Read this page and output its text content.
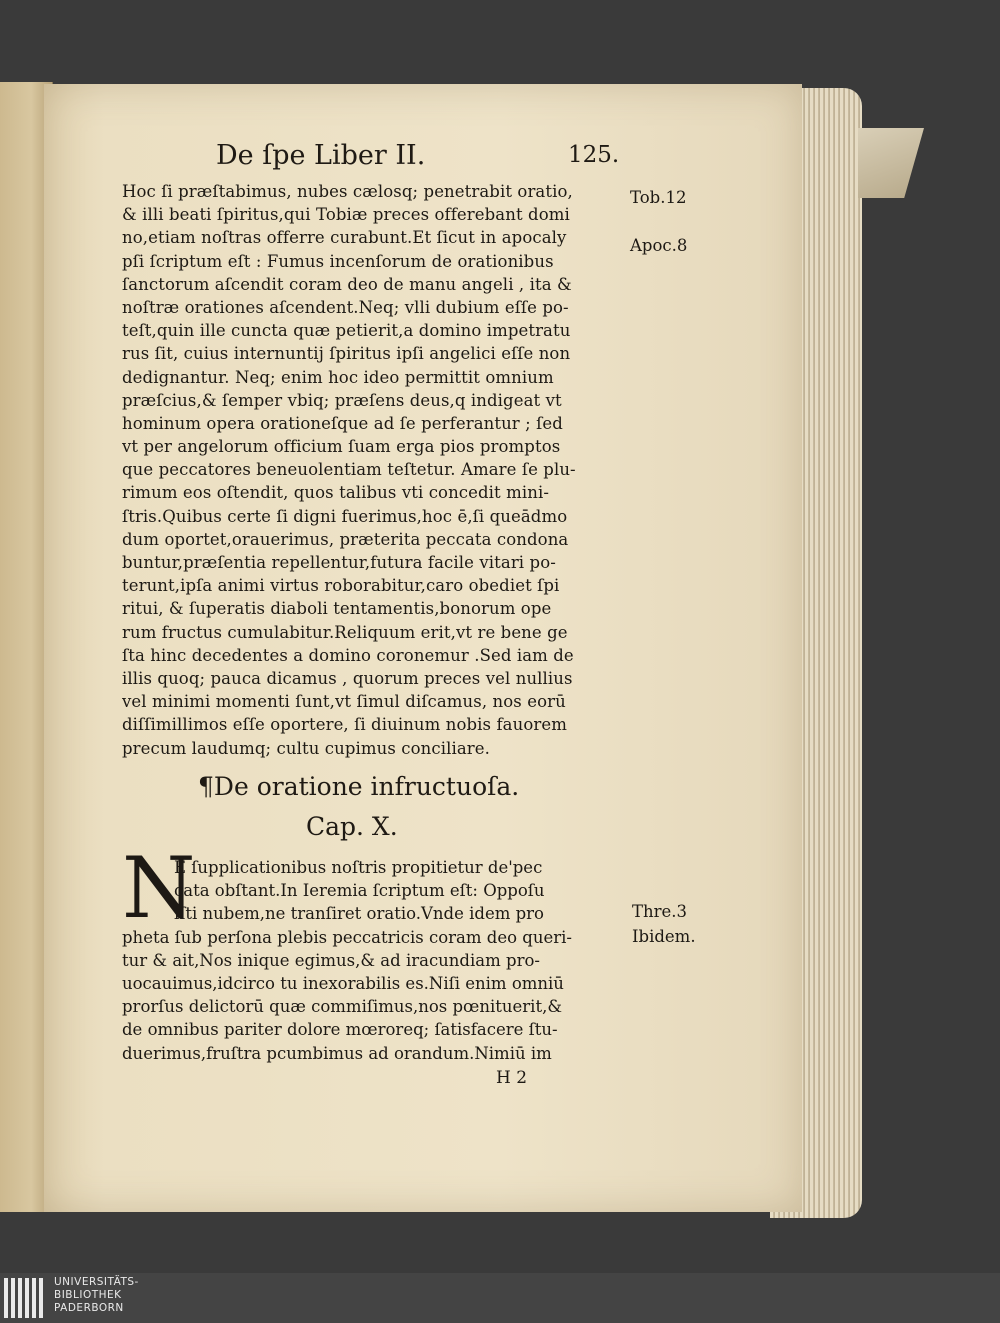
De ſpe Liber II.	125.
Hoc ſi præſtabimus, nubes cælosq; penetrabit oratio,
& illi beati ſpiritus,qui Tobiæ preces offerebant domi
no,etiam noſtras offerre curabunt.Et ſicut in apocaly
pſi ſcriptum eſt : Fumus incenſorum de orationibus
ſanctorum aſcendit coram deo de manu angeli , ita &
noſtræ orationes aſcendent.Neq; vlli dubium eſſe po-
teſt,quin ille cuncta quæ petierit,a domino impetratu
rus ſit, cuius internuntij ſpiritus ipſi angelici eſſe non
dedignantur. Neq; enim hoc ideo permittit omnium
præſcius,& ſemper vbiq; præſens deus,q indigeat vt
hominum opera orationeſque ad ſe perferantur ; ſed
vt per angelorum officium ſuam erga pios promptos
que peccatores beneuolentiam teſtetur. Amare ſe plu-
rimum eos oſtendit, quos talibus vti concedit mini-
ſtris.Quibus certe ſi digni fuerimus,hoc ē,ſi queādmo
dum oportet,orauerimus, præterita peccata condona
buntur,præſentia repellentur,futura facile vitari po-
terunt,ipſa animi virtus roborabitur,caro obediet ſpi
ritui, & ſuperatis diaboli tentamentis,bonorum ope
rum fructus cumulabitur.Reliquum erit,vt re bene ge
ſta hinc decedentes a domino coronemur .Sed iam de
illis quoq; pauca dicamus , quorum preces vel nullius
vel minimi momenti ſunt,vt ſimul diſcamus, nos eorū
diſſimillimos eſſe oportere, ſi diuinum nobis fauorem
precum laudumq; cultu cupimus conciliare.
Tob.12
Apoc.8
¶De oratione infructuoſa.
Cap. X.
N
E ſupplicationibus noſtris propitietur de'pec
cata obſtant.In Ieremia ſcriptum eſt: Oppoſu
iſti nubem,ne tranſiret oratio.Vnde idem pro
pheta ſub perſona plebis peccatricis coram deo queri-
tur & ait,Nos inique egimus,& ad iracundiam pro-
uocauimus,idcirco tu inexorabilis es.Niſi enim omniū
prorſus delictorū quæ commiſimus,nos pœnituerit,&
de omnibus pariter dolore mœroreq; ſatisfacere ſtu-
duerimus,fruſtra pcumbimus ad orandum.Nimiū im
Thre.3
Ibidem.
H 2
UNIVERSITÄTS-
BIBLIOTHEK
PADERBORN
